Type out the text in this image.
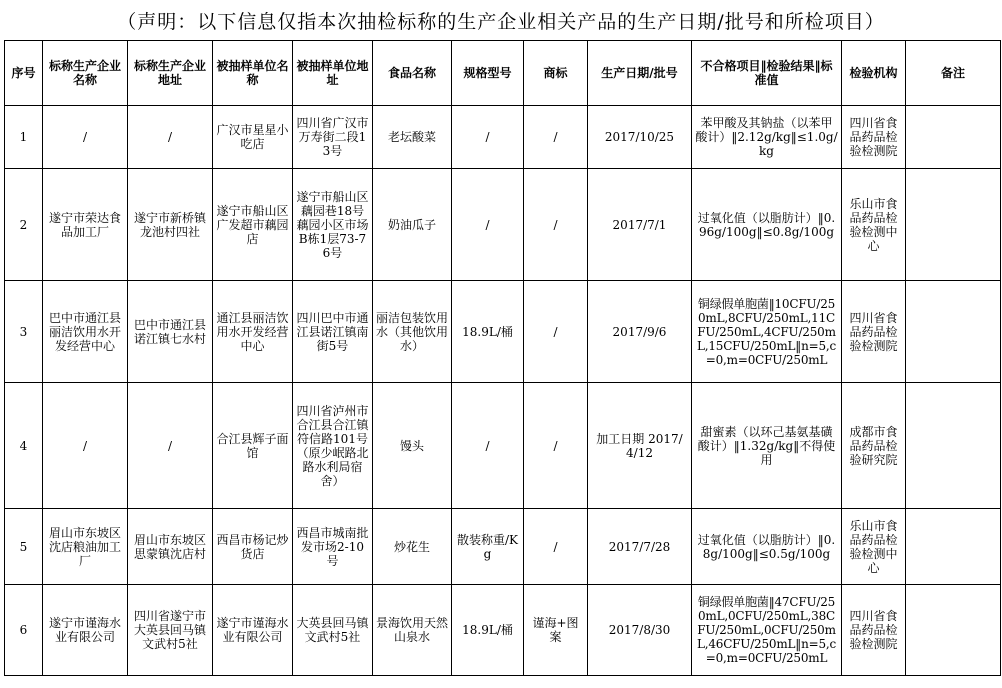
（声明：以下信息仅指本次抽检标称的生产企业相关产品的生产日期/批号和所检项目）
序号	标称生产企业名称	标称生产企业地址	被抽样单位名称	被抽样单位地址	食品名称	规格型号	商标	生产日期/批号	不合格项目‖检验结果‖标准值	检验机构	备注
1	/	/	广汉市星星小吃店	四川省广汉市万寿街二段13号	老坛酸菜	/	/	2017/10/25	苯甲酸及其钠盐（以苯甲酸计）‖2.12g/kg‖≤1.0g/kg	四川省食品药品检验检测院	
2	遂宁市荣达食品加工厂	遂宁市新桥镇龙池村四社	遂宁市船山区广发超市藕园店	遂宁市船山区藕园巷18号藕园小区市场B栋1层73-76号	奶油瓜子	/	/	2017/7/1	过氧化值（以脂肪计）‖0.96g/100g‖≤0.8g/100g	乐山市食品药品检验检测中心	
3	巴中市通江县丽洁饮用水开发经营中心	巴中市通江县诺江镇七水村	通江县丽洁饮用水开发经营中心	四川巴中市通江县诺江镇南街5号	丽洁包装饮用水（其他饮用水）	18.9L/桶	/	2017/9/6	铜绿假单胞菌‖10CFU/250mL,8CFU/250mL,11CFU/250mL,4CFU/250mL,15CFU/250mL‖n=5,c=0,m=0CFU/250mL	四川省食品药品检验检测院	
4	/	/	合江县辉子面馆	四川省泸州市合江县合江镇符信路101号（原少岷路北路水利局宿舍）	馒头	/	/	加工日期 2017/4/12	甜蜜素（以环己基氨基磺酸计）‖1.32g/kg‖不得使用	成都市食品药品检验研究院	
5	眉山市东坡区沈店粮油加工厂	眉山市东坡区思蒙镇沈店村	西昌市杨记炒货店	西昌市城南批发市场2-10号	炒花生	散装称重/Kg	/	2017/7/28	过氧化值（以脂肪计）‖0.8g/100g‖≤0.5g/100g	乐山市食品药品检验检测中心	
6	遂宁市谨海水业有限公司	四川省遂宁市大英县回马镇文武村5社	遂宁市谨海水业有限公司	大英县回马镇文武村5社	景海饮用天然山泉水	18.9L/桶	谨海+图案	2017/8/30	铜绿假单胞菌‖47CFU/250mL,0CFU/250mL,38CFU/250mL,0CFU/250mL,46CFU/250mL‖n=5,c=0,m=0CFU/250mL	四川省食品药品检验检测院	
